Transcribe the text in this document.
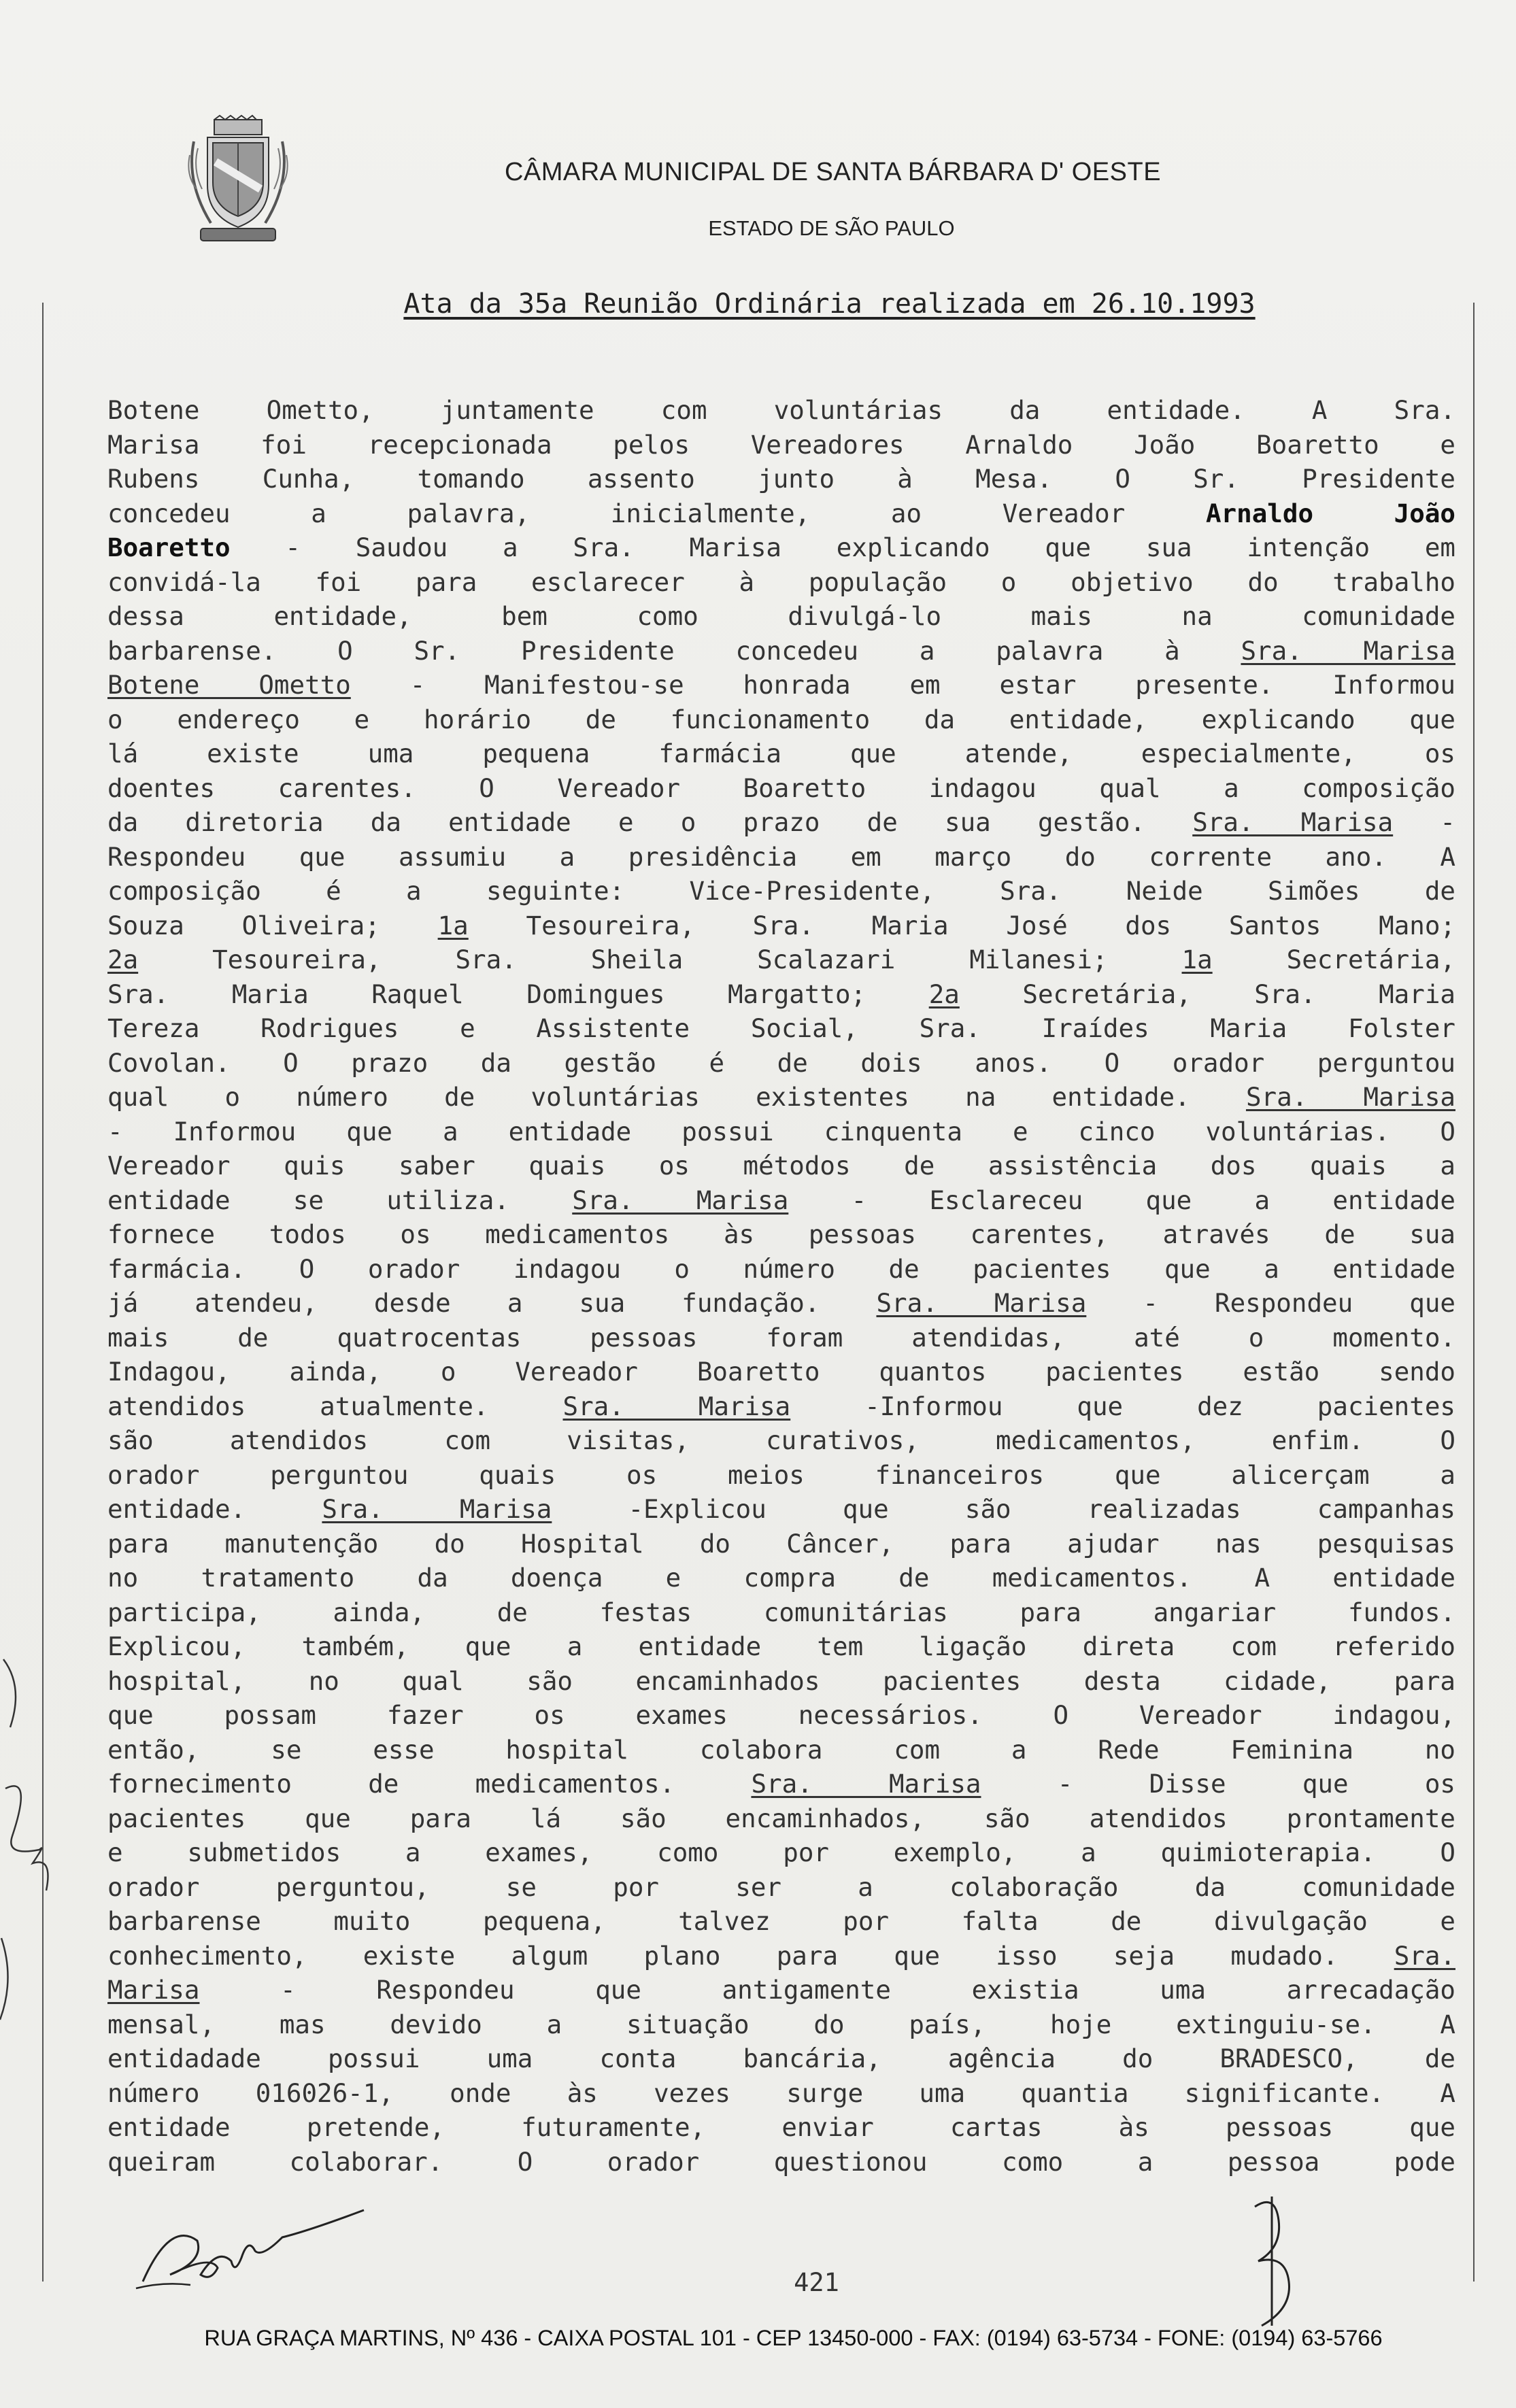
CÂMARA MUNICIPAL DE SANTA BÁRBARA D' OESTE
ESTADO DE SÃO PAULO
Ata da 35a Reunião Ordinária realizada em 26.10.1993
Botene Ometto, juntamente com voluntárias da entidade. A Sra.
Marisa foi recepcionada pelos Vereadores Arnaldo João Boaretto e
Rubens Cunha, tomando assento junto à Mesa. O Sr. Presidente
concedeu a palavra, inicialmente, ao Vereador Arnaldo João
Boaretto - Saudou a Sra. Marisa explicando que sua intenção em
convidá-la foi para esclarecer à população o objetivo do trabalho
dessa entidade, bem como divulgá-lo mais na comunidade
barbarense. O Sr. Presidente concedeu a palavra à Sra. Marisa
Botene Ometto - Manifestou-se honrada em estar presente. Informou
o endereço e horário de funcionamento da entidade, explicando que
lá existe uma pequena farmácia que atende, especialmente, os
doentes carentes. O Vereador Boaretto indagou qual a composição
da diretoria da entidade e o prazo de sua gestão. Sra. Marisa -
Respondeu que assumiu a presidência em março do corrente ano. A
composição é a seguinte: Vice-Presidente, Sra. Neide Simões de
Souza Oliveira; 1a Tesoureira, Sra. Maria José dos Santos Mano;
2a Tesoureira, Sra. Sheila Scalazari Milanesi; 1a Secretária,
Sra. Maria Raquel Domingues Margatto; 2a Secretária, Sra. Maria
Tereza Rodrigues e Assistente Social, Sra. Iraídes Maria Folster
Covolan. O prazo da gestão é de dois anos. O orador perguntou
qual o número de voluntárias existentes na entidade. Sra. Marisa
- Informou que a entidade possui cinquenta e cinco voluntárias. O
Vereador quis saber quais os métodos de assistência dos quais a
entidade se utiliza. Sra. Marisa - Esclareceu que a entidade
fornece todos os medicamentos às pessoas carentes, através de sua
farmácia. O orador indagou o número de pacientes que a entidade
já atendeu, desde a sua fundação. Sra. Marisa - Respondeu que
mais de quatrocentas pessoas foram atendidas, até o momento.
Indagou, ainda, o Vereador Boaretto quantos pacientes estão sendo
atendidos atualmente. Sra. Marisa -Informou que dez pacientes
são atendidos com visitas, curativos, medicamentos, enfim. O
orador perguntou quais os meios financeiros que alicerçam a
entidade. Sra. Marisa -Explicou que são realizadas campanhas
para manutenção do Hospital do Câncer, para ajudar nas pesquisas
no tratamento da doença e compra de medicamentos. A entidade
participa, ainda, de festas comunitárias para angariar fundos.
Explicou, também, que a entidade tem ligação direta com referido
hospital, no qual são encaminhados pacientes desta cidade, para
que possam fazer os exames necessários. O Vereador indagou,
então, se esse hospital colabora com a Rede Feminina no
fornecimento de medicamentos. Sra. Marisa - Disse que os
pacientes que para lá são encaminhados, são atendidos prontamente
e submetidos a exames, como por exemplo, a quimioterapia. O
orador perguntou, se por ser a colaboração da comunidade
barbarense muito pequena, talvez por falta de divulgação e
conhecimento, existe algum plano para que isso seja mudado. Sra.
Marisa - Respondeu que antigamente existia uma arrecadação
mensal, mas devido a situação do país, hoje extinguiu-se. A
entidadade possui uma conta bancária, agência do BRADESCO, de
número 016026-1, onde às vezes surge uma quantia significante. A
entidade pretende, futuramente, enviar cartas às pessoas que
queiram colaborar. O orador questionou como a pessoa pode
421
RUA GRAÇA MARTINS, Nº 436 - CAIXA POSTAL 101 - CEP 13450-000 - FAX: (0194) 63-5734 - FONE: (0194) 63-5766
